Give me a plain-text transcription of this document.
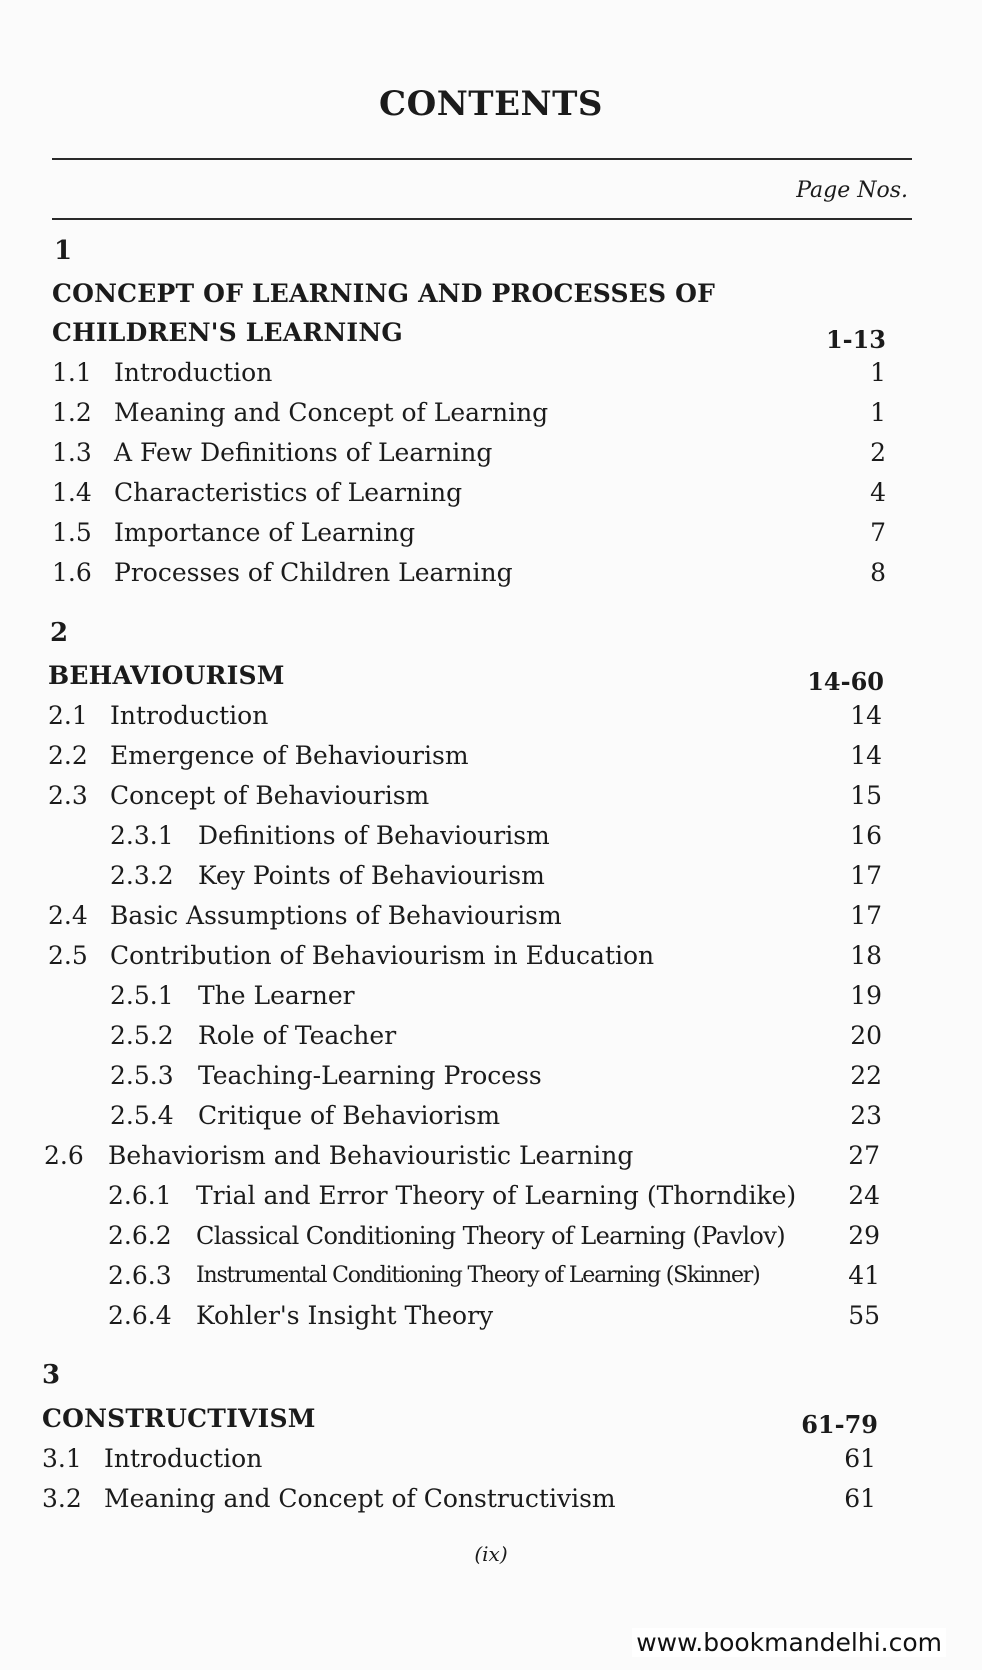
CONTENTS
Page Nos.
1
CONCEPT OF LEARNING AND PROCESSES OF
CHILDREN'S LEARNING	1-13
1.1 Introduction	1
1.2 Meaning and Concept of Learning	1
1.3 A Few Definitions of Learning	2
1.4 Characteristics of Learning	4
1.5 Importance of Learning	7
1.6 Processes of Children Learning	8
2
BEHAVIOURISM	14-60
2.1 Introduction	14
2.2 Emergence of Behaviourism	14
2.3 Concept of Behaviourism	15
2.3.1 Definitions of Behaviourism	16
2.3.2 Key Points of Behaviourism	17
2.4 Basic Assumptions of Behaviourism	17
2.5 Contribution of Behaviourism in Education	18
2.5.1 The Learner	19
2.5.2 Role of Teacher	20
2.5.3 Teaching-Learning Process	22
2.5.4 Critique of Behaviorism	23
2.6 Behaviorism and Behaviouristic Learning	27
2.6.1 Trial and Error Theory of Learning (Thorndike)	24
2.6.2 Classical Conditioning Theory of Learning (Pavlov)	29
2.6.3 Instrumental Conditioning Theory of Learning (Skinner)	41
2.6.4 Kohler's Insight Theory	55
3
CONSTRUCTIVISM	61-79
3.1 Introduction	61
3.2 Meaning and Concept of Constructivism	61
(ix)
www.bookmandelhi.com
